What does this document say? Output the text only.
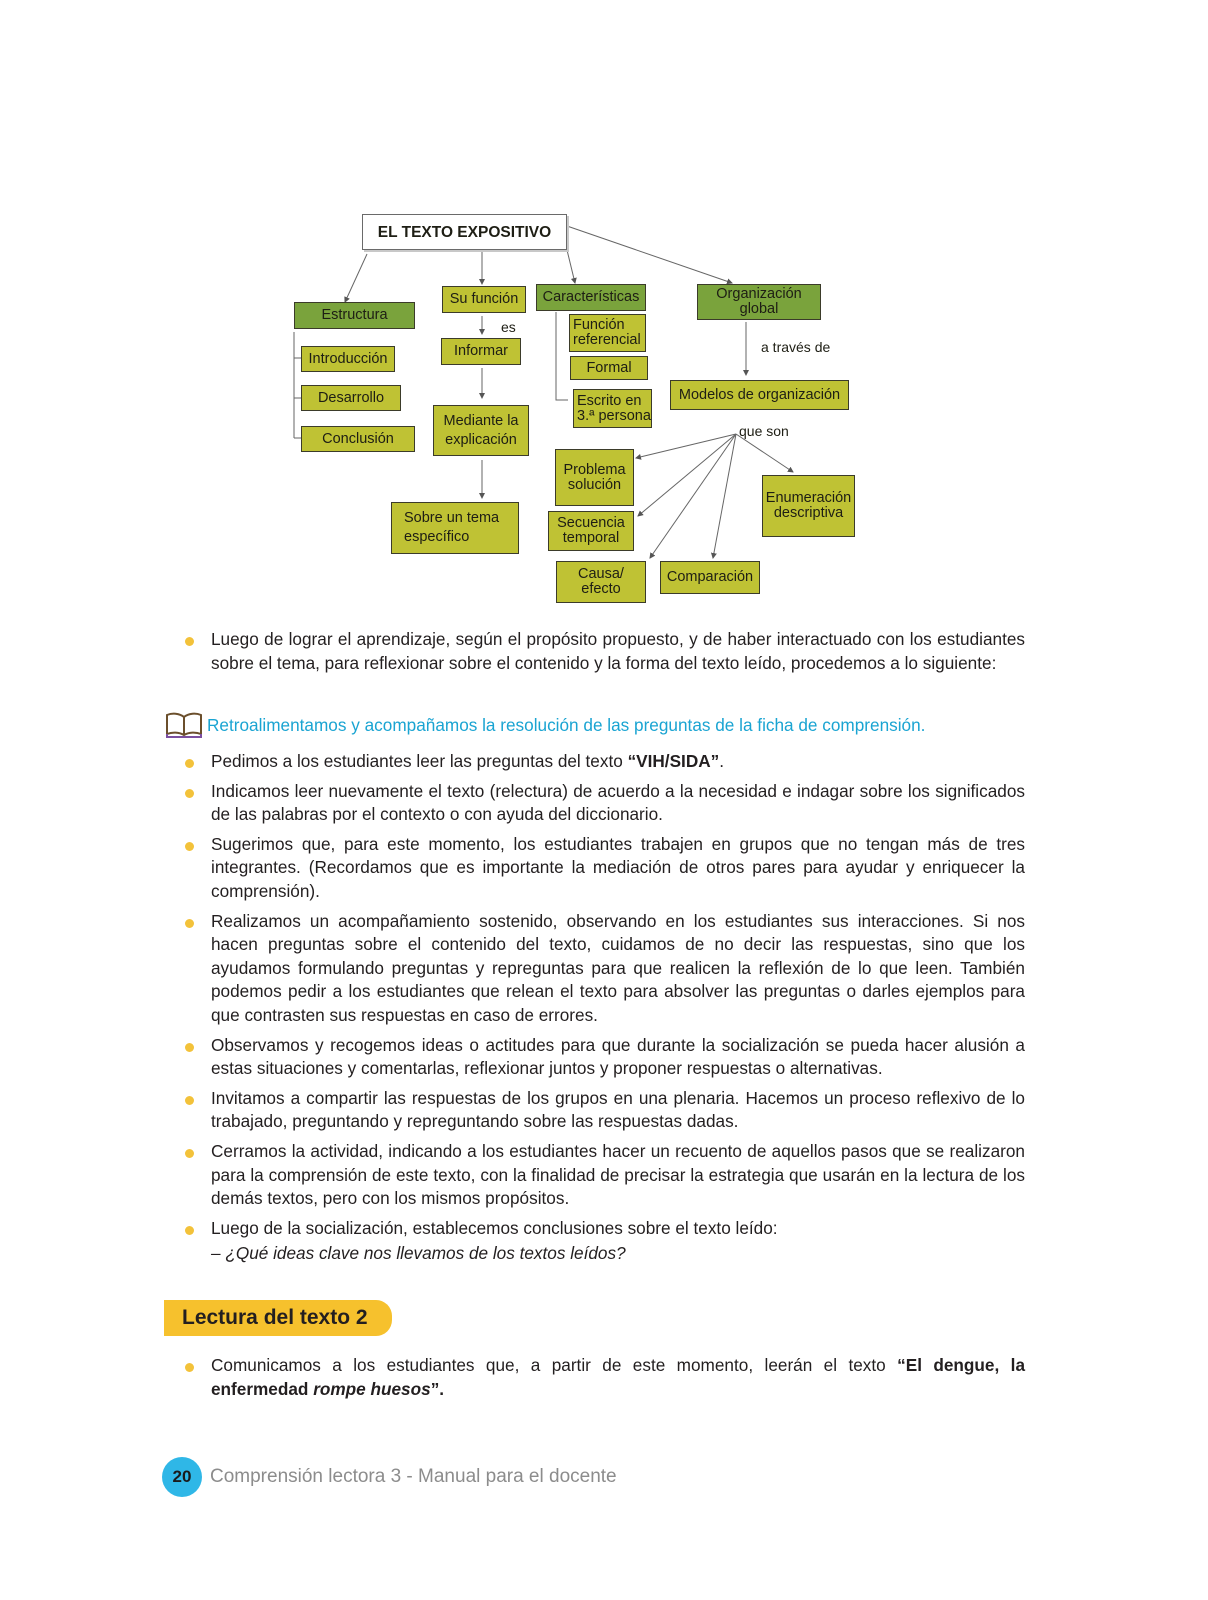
EL TEXTO EXPOSITIVO
Estructura
Introducción
Desarrollo
Conclusión
Su función
es
Informar
Mediante la
explicación
Sobre un tema
específico
Características
Función
referencial
Formal
Escrito en
3.ª persona
Organización
global
a través de
Modelos de organización
que son
Problema
solución
Secuencia
temporal
Causa/
efecto
Comparación
Enumeración
descriptiva
Luego de lograr el aprendizaje, según el propósito propuesto, y de haber interactuado con los estudiantes sobre el tema, para reflexionar sobre el contenido y la forma del texto leído, procedemos a lo siguiente:
Retroalimentamos y acompañamos la resolución de las preguntas de la ficha de comprensión.
Pedimos a los estudiantes leer las preguntas del texto “VIH/SIDA”.
Indicamos leer nuevamente el texto (relectura) de acuerdo a la necesidad e indagar sobre los significados de las palabras por el contexto o con ayuda del diccionario.
Sugerimos que, para este momento, los estudiantes trabajen en grupos que no tengan más de tres integrantes. (Recordamos que es importante la mediación de otros pares para ayudar y enriquecer la comprensión).
Realizamos un acompañamiento sostenido, observando en los estudiantes sus interacciones. Si nos hacen preguntas sobre el contenido del texto, cuidamos de no decir las respuestas, sino que los ayudamos formulando preguntas y repreguntas para que realicen la reflexión de lo que leen. También podemos pedir a los estudiantes que relean el texto para absolver las preguntas o darles ejemplos para que contrasten sus respuestas en caso de errores.
Observamos y recogemos ideas o actitudes para que durante la socialización se pueda hacer alusión a estas situaciones y comentarlas, reflexionar juntos y proponer respuestas o alternativas.
Invitamos a compartir las respuestas de los grupos en una plenaria. Hacemos un proceso reflexivo de lo trabajado, preguntando y repreguntando sobre las respuestas dadas.
Cerramos la actividad, indicando a los estudiantes hacer un recuento de aquellos pasos que se realizaron para la comprensión de este texto, con la finalidad de precisar la estrategia que usarán en la lectura de los demás textos, pero con los mismos propósitos.
Luego de la socialización, establecemos conclusiones sobre el texto leído:
– ¿Qué ideas clave nos llevamos de los textos leídos?
Lectura del texto 2
Comunicamos a los estudiantes que, a partir de este momento, leerán el texto “El dengue, la enfermedad rompe huesos”.
20 Comprensión lectora 3 - Manual para el docente
